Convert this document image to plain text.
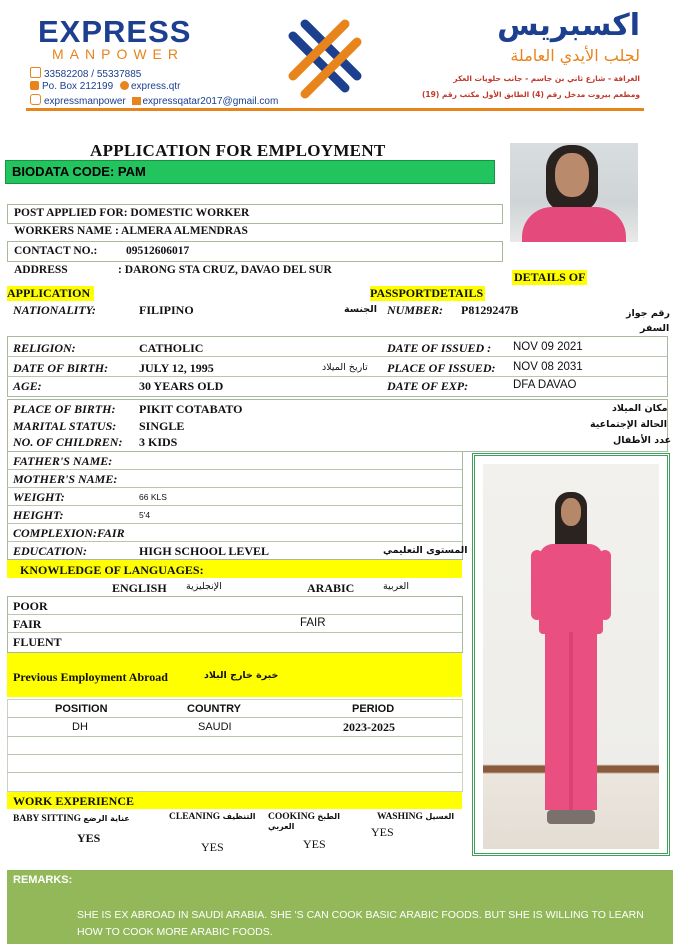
EXPRESS
MANPOWER
33582208 / 55337885
Po. Box 212199 express.qtr
expressmanpower expressqatar2017@gmail.com
اكسبريس
لجلب الأيدي العاملة
الغرافة - شارع ثاني بن جاسم - جانب حلويات العكر
ومطعم بيروت مدخل رقم (4) الطابق الأول مكتب رقم (19)
APPLICATION FOR EMPLOYMENT
BIODATA CODE: PAM
POST APPLIED FOR: DOMESTIC WORKER
WORKERS NAME : ALMERA ALMENDRAS
CONTACT NO.: 09512606017
ADDRESS	: DARONG STA CRUZ, DAVAO DEL SUR	DETAILS OF
APPLICATION	PASSPORTDETAILS
NATIONALITY:	FILIPINO	الجنسة NUMBER: P8129247B	رقم جواز
السفر
RELIGION:	CATHOLIC	DATE OF ISSUED : NOV 09 2021
DATE OF BIRTH:	JULY 12, 1995	تاريخ الميلاد PLACE OF ISSUED: NOV 08 2031
AGE:	30 YEARS OLD	DATE OF EXP:	DFA DAVAO
PLACE OF BIRTH: PIKIT COTABATO	مكان الميلاد
MARITAL STATUS: SINGLE	الحالة الإجتماعية
NO. OF CHILDREN: 3 KIDS	عدد الأطفال
FATHER'S NAME:
MOTHER'S NAME:
WEIGHT:	66 KLS
HEIGHT:	5'4
COMPLEXION:FAIR
EDUCATION:	HIGH SCHOOL LEVEL	المستوى التعليمي
KNOWLEDGE OF LANGUAGES:
ENGLISH الإنجليزية	ARABIC	العربية
POOR
FAIR	FAIR
FLUENT
Previous Employment Abroad	خبرة خارج البلاد
POSITION	COUNTRY	PERIOD
DH	SAUDI	2023-2025
WORK EXPERIENCE
BABY SITTING عناية الرضع
YES
CLEANING التنظيف
YES
COOKING الطبخ العربي
YES
WASHING الغسيل
YES
REMARKS:
SHE IS EX ABROAD IN SAUDI ARABIA. SHE 'S CAN COOK BASIC ARABIC FOODS. BUT SHE IS WILLING TO LEARN HOW TO COOK MORE ARABIC FOODS.
